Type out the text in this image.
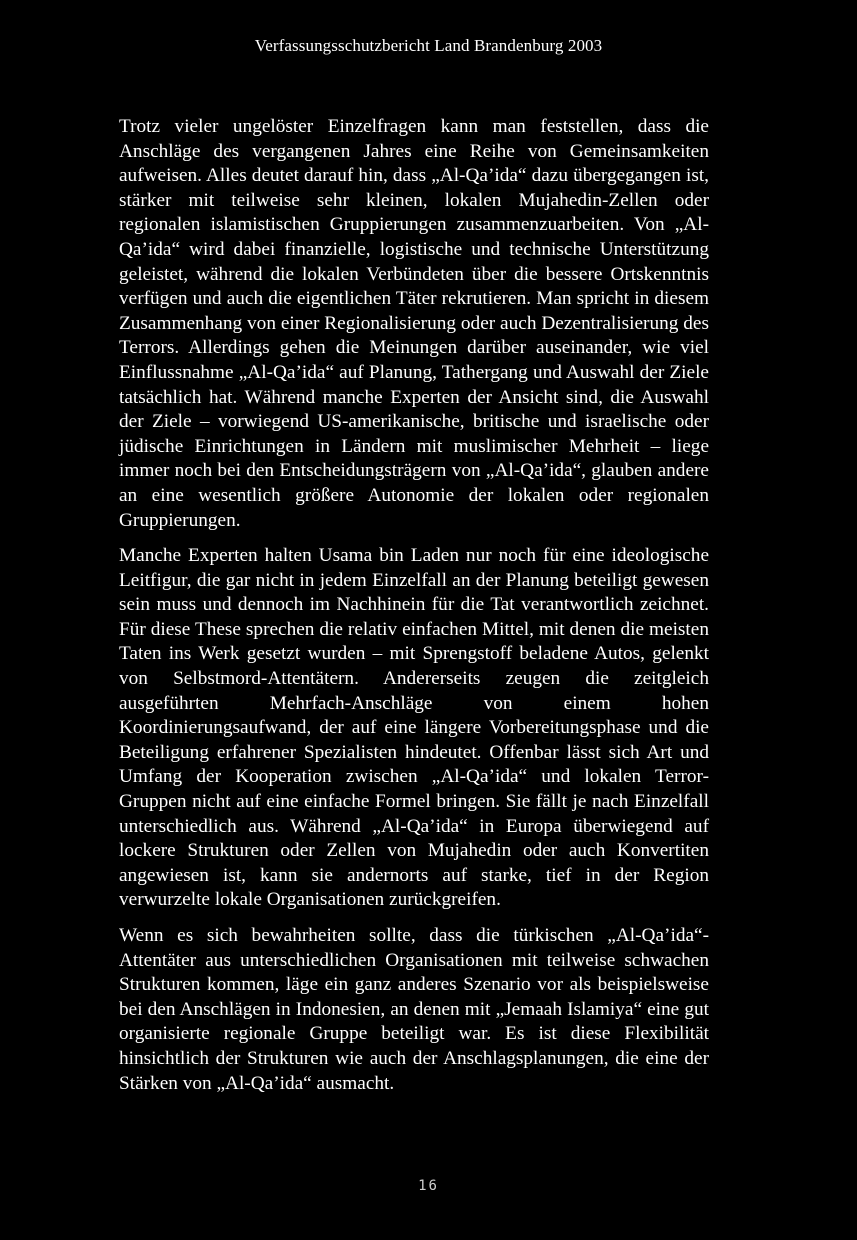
Verfassungsschutzbericht Land Brandenburg 2003

Trotz vieler ungelöster Einzelfragen kann man feststellen, dass die Anschläge des vergangenen Jahres eine Reihe von Gemeinsamkeiten aufweisen. Alles deutet darauf hin, dass „Al-Qa’ida“ dazu übergegangen ist, stärker mit teilweise sehr kleinen, lokalen Mujahedin-Zellen oder regionalen islamistischen Gruppierungen zusammenzuarbeiten. Von „Al-Qa’ida“ wird dabei finanzielle, logistische und technische Unterstützung geleistet, während die lokalen Verbündeten über die bessere Ortskenntnis verfügen und auch die eigentlichen Täter rekrutieren. Man spricht in diesem Zusammenhang von einer Regionalisierung oder auch Dezentralisierung des Terrors. Allerdings gehen die Meinungen darüber auseinander, wie viel Einflussnahme „Al-Qa’ida“ auf Planung, Tathergang und Auswahl der Ziele tatsächlich hat. Während manche Experten der Ansicht sind, die Auswahl der Ziele – vorwiegend US-amerikanische, britische und israelische oder jüdische Einrichtungen in Ländern mit muslimischer Mehrheit – liege immer noch bei den Entscheidungsträgern von „Al-Qa’ida“, glauben andere an eine wesentlich größere Autonomie der lokalen oder regionalen Gruppierungen.

Manche Experten halten Usama bin Laden nur noch für eine ideologische Leitfigur, die gar nicht in jedem Einzelfall an der Planung beteiligt gewesen sein muss und dennoch im Nachhinein für die Tat verantwortlich zeichnet. Für diese These sprechen die relativ einfachen Mittel, mit denen die meisten Taten ins Werk gesetzt wurden – mit Sprengstoff beladene Autos, gelenkt von Selbstmord-Attentätern. Andererseits zeugen die zeitgleich ausgeführten Mehrfach-Anschläge von einem hohen Koordinierungsaufwand, der auf eine längere Vorbereitungsphase und die Beteiligung erfahrener Spezialisten hindeutet. Offenbar lässt sich Art und Umfang der Kooperation zwischen „Al-Qa’ida“ und lokalen Terror-Gruppen nicht auf eine einfache Formel bringen. Sie fällt je nach Einzelfall unterschiedlich aus. Während „Al-Qa’ida“ in Europa überwiegend auf lockere Strukturen oder Zellen von Mujahedin oder auch Konvertiten angewiesen ist, kann sie andernorts auf starke, tief in der Region verwurzelte lokale Organisationen zurückgreifen.

Wenn es sich bewahrheiten sollte, dass die türkischen „Al-Qa’ida“-Attentäter aus unterschiedlichen Organisationen mit teilweise schwachen Strukturen kommen, läge ein ganz anderes Szenario vor als beispielsweise bei den Anschlägen in Indonesien, an denen mit „Jemaah Islamiya“ eine gut organisierte regionale Gruppe beteiligt war. Es ist diese Flexibilität hinsichtlich der Strukturen wie auch der Anschlagsplanungen, die eine der Stärken von „Al-Qa’ida“ ausmacht.

16
